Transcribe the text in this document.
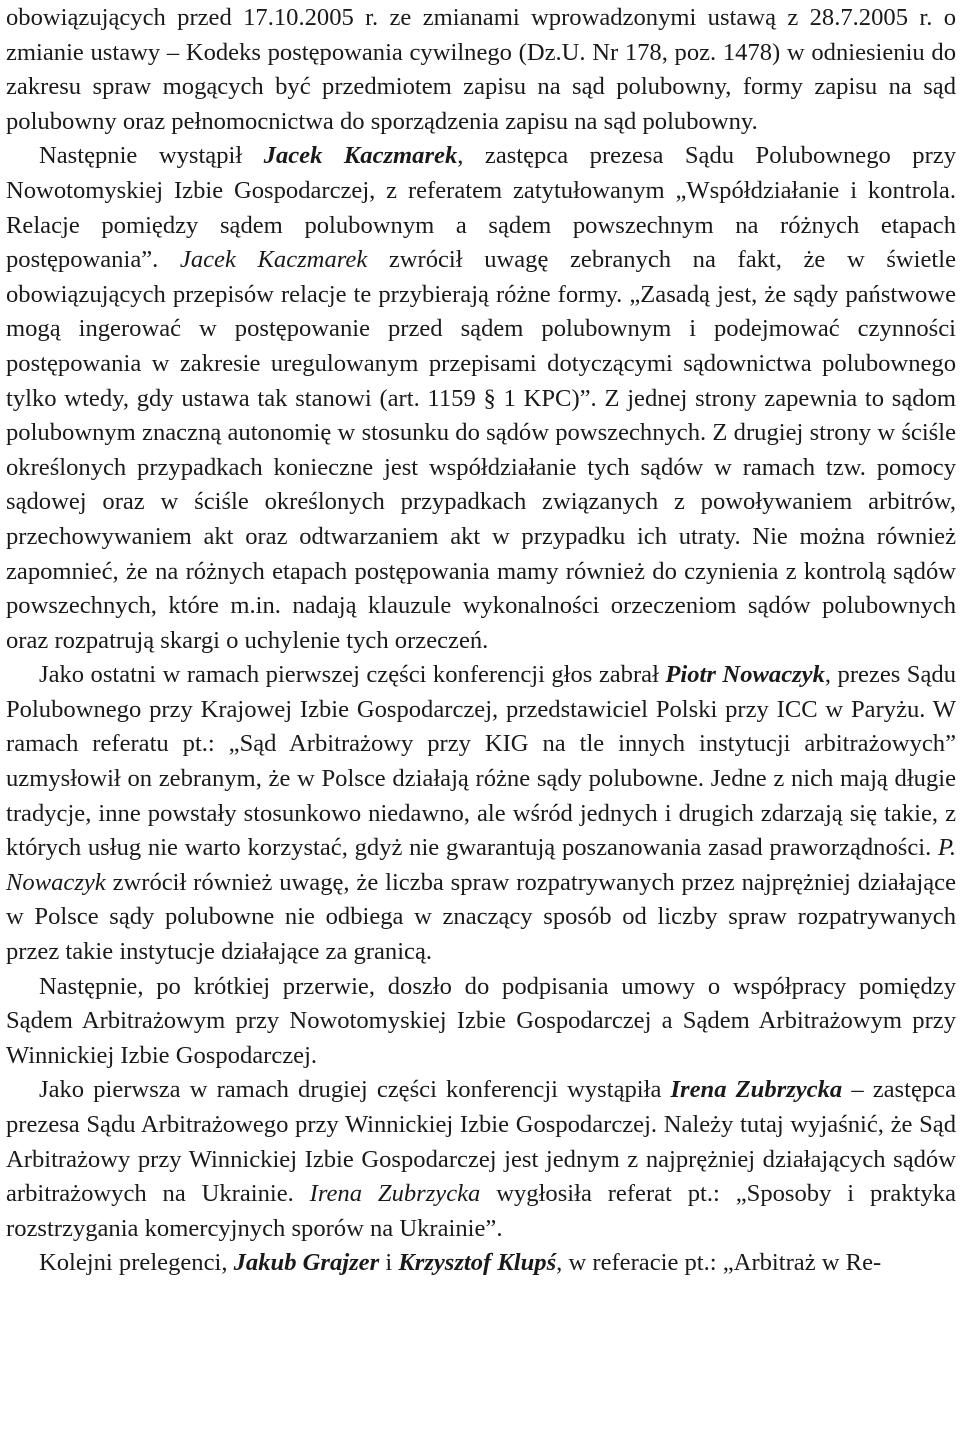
obowiązujących przed 17.10.2005 r. ze zmianami wprowadzonymi ustawą z 28.7.2005 r. o zmianie ustawy – Kodeks postępowania cywilnego (Dz.U. Nr 178, poz. 1478) w odniesieniu do zakresu spraw mogących być przedmiotem zapisu na sąd polubowny, formy zapisu na sąd polubowny oraz pełnomocnictwa do sporządzenia zapisu na sąd polubowny.

Następnie wystąpił Jacek Kaczmarek, zastępca prezesa Sądu Polubownego przy Nowotomyskiej Izbie Gospodarczej, z referatem zatytułowanym „Współdziałanie i kontrola. Relacje pomiędzy sądem polubownym a sądem powszechnym na różnych etapach postępowania”. Jacek Kaczmarek zwrócił uwagę zebranych na fakt, że w świetle obowiązujących przepisów relacje te przybierają różne formy. „Zasadą jest, że sądy państwowe mogą ingerować w postępowanie przed sądem polubownym i podejmować czynności postępowania w zakresie uregulowanym przepisami dotyczącymi sądownictwa polubownego tylko wtedy, gdy ustawa tak stanowi (art. 1159 § 1 KPC)”. Z jednej strony zapewnia to sądom polubownym znaczną autonomię w stosunku do sądów powszechnych. Z drugiej strony w ściśle określonych przypadkach konieczne jest współdziałanie tych sądów w ramach tzw. pomocy sądowej oraz w ściśle określonych przypadkach związanych z powoływaniem arbitrów, przechowywaniem akt oraz odtwarzaniem akt w przypadku ich utraty. Nie można również zapomnieć, że na różnych etapach postępowania mamy również do czynienia z kontrolą sądów powszechnych, które m.in. nadają klauzule wykonalności orzeczeniom sądów polubownych oraz rozpatrują skargi o uchylenie tych orzeczeń.

Jako ostatni w ramach pierwszej części konferencji głos zabrał Piotr Nowaczyk, prezes Sądu Polubownego przy Krajowej Izbie Gospodarczej, przedstawiciel Polski przy ICC w Paryżu. W ramach referatu pt.: „Sąd Arbitrażowy przy KIG na tle innych instytucji arbitrażowych” uzmysłowił on zebranym, że w Polsce działają różne sądy polubowne. Jedne z nich mają długie tradycje, inne powstały stosunkowo niedawno, ale wśród jednych i drugich zdarzają się takie, z których usług nie warto korzystać, gdyż nie gwarantują poszanowania zasad praworządności. P. Nowaczyk zwrócił również uwagę, że liczba spraw rozpatrywanych przez najprężniej działające w Polsce sądy polubowne nie odbiega w znaczący sposób od liczby spraw rozpatrywanych przez takie instytucje działające za granicą.

Następnie, po krótkiej przerwie, doszło do podpisania umowy o współpracy pomiędzy Sądem Arbitrażowym przy Nowotomyskiej Izbie Gospodarczej a Sądem Arbitrażowym przy Winnickiej Izbie Gospodarczej.

Jako pierwsza w ramach drugiej części konferencji wystąpiła Irena Zubrzycka – zastępca prezesa Sądu Arbitrażowego przy Winnickiej Izbie Gospodarczej. Należy tutaj wyjaśnić, że Sąd Arbitrażowy przy Winnickiej Izbie Gospodarczej jest jednym z najprężniej działających sądów arbitrażowych na Ukrainie. Irena Zubrzycka wygłosiła referat pt.: „Sposoby i praktyka rozstrzygania komercyjnych sporów na Ukrainie”.

Kolejni prelegenci, Jakub Grajzer i Krzysztof Klupś, w referacie pt.: „Arbitraż w Re-
